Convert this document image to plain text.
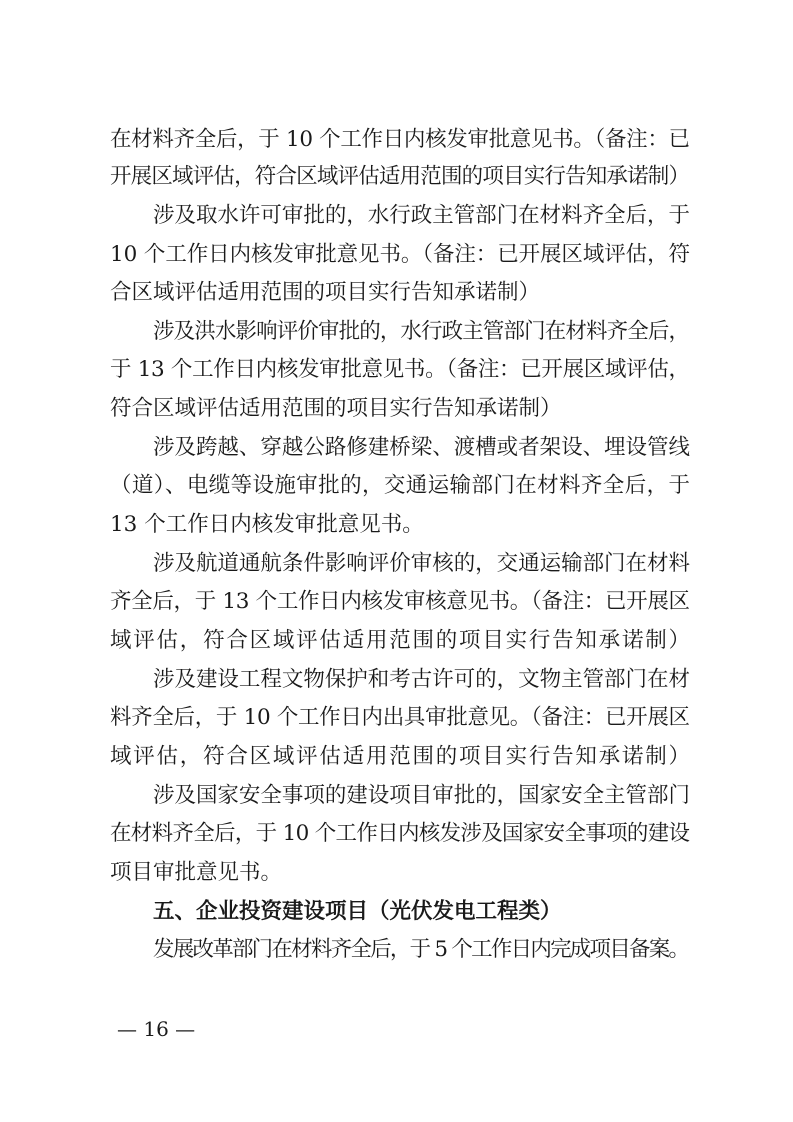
在材料齐全后，于 10 个工作日内核发审批意见书。（备注：已
开展区域评估，符合区域评估适用范围的项目实行告知承诺制）
涉及取水许可审批的，水行政主管部门在材料齐全后，于
10 个工作日内核发审批意见书。（备注：已开展区域评估，符
合区域评估适用范围的项目实行告知承诺制）
涉及洪水影响评价审批的，水行政主管部门在材料齐全后，
于 13 个工作日内核发审批意见书。（备注：已开展区域评估，
符合区域评估适用范围的项目实行告知承诺制）
涉及跨越、穿越公路修建桥梁、渡槽或者架设、埋设管线
（道）、电缆等设施审批的，交通运输部门在材料齐全后，于
13 个工作日内核发审批意见书。
涉及航道通航条件影响评价审核的，交通运输部门在材料
齐全后，于 13 个工作日内核发审核意见书。（备注：已开展区
域评估，符合区域评估适用范围的项目实行告知承诺制）
涉及建设工程文物保护和考古许可的，文物主管部门在材
料齐全后，于 10 个工作日内出具审批意见。（备注：已开展区
域评估，符合区域评估适用范围的项目实行告知承诺制）
涉及国家安全事项的建设项目审批的，国家安全主管部门
在材料齐全后，于 10 个工作日内核发涉及国家安全事项的建设
项目审批意见书。
五、企业投资建设项目（光伏发电工程类）
发展改革部门在材料齐全后，于 5 个工作日内完成项目备案。
— 16 —
